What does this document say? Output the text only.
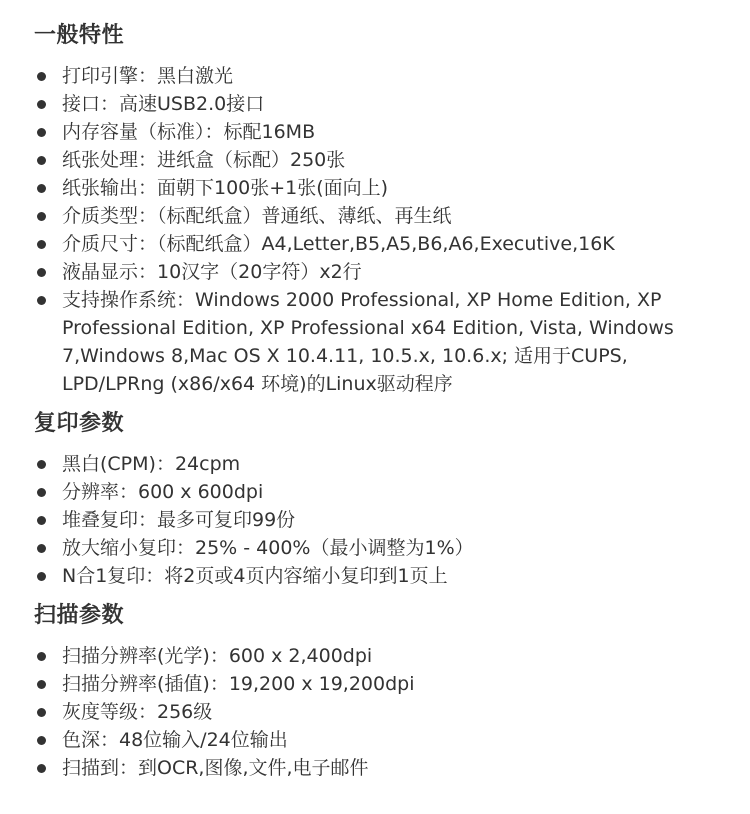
一般特性
打印引擎：黑白激光
接口：高速USB2.0接口
内存容量（标准）：标配16MB
纸张处理：进纸盒（标配）250张
纸张输出：面朝下100张+1张(面向上)
介质类型：（标配纸盒）普通纸、薄纸、再生纸
介质尺寸：（标配纸盒）A4,Letter,B5,A5,B6,A6,Executive,16K
液晶显示：10汉字（20字符）x2行
支持操作系统：Windows 2000 Professional, XP Home Edition, XP Professional Edition, XP Professional x64 Edition, Vista, Windows 7,Windows 8,Mac OS X 10.4.11, 10.5.x, 10.6.x; 适用于CUPS, LPD/LPRng (x86/x64 环境)的Linux驱动程序
复印参数
黑白(CPM)：24cpm
分辨率：600 x 600dpi
堆叠复印：最多可复印99份
放大缩小复印：25% - 400%（最小调整为1%）
N合1复印：将2页或4页内容缩小复印到1页上
扫描参数
扫描分辨率(光学)：600 x 2,400dpi
扫描分辨率(插值)：19,200 x 19,200dpi
灰度等级：256级
色深：48位输入/24位输出
扫描到：到OCR,图像,文件,电子邮件
